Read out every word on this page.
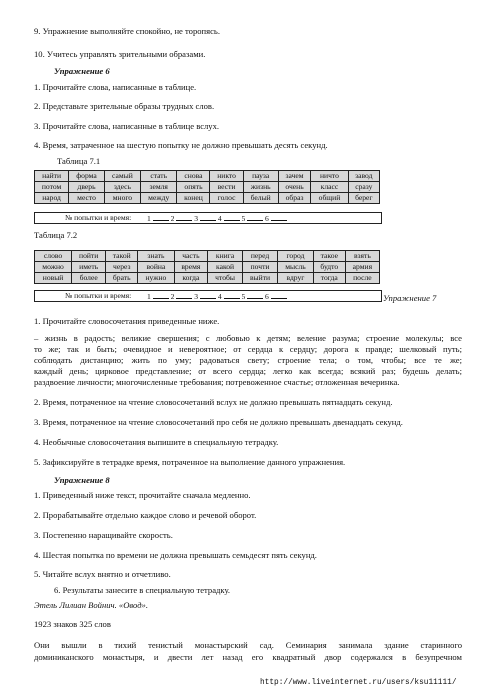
9. Упражнение выполняйте спокойно, не торопясь.
10. Учитесь управлять зрительными образами.
Упражнение 6
1. Прочитайте слова, написанные в таблице.
2. Представьте зрительные образы трудных слов.
3. Прочитайте слова, написанные в таблице вслух.
4. Время, затраченное на шестую попытку не должно превышать десять секунд.
Таблица 7.1
найти	форма	самый	стать	снова	никто	пауза	зачем	ничто	завод
потом	дверь	здесь	земля	опять	вести	жизнь	очень	класс	сразу
народ	место	много	между	конец	голос	белый	образ	общий	берег
№ попытки и время: 1	2	3	4	5	6
Таблица 7.2
слово	пойти	такой	знать	часть	книга	перед	город	такое	взять
можно	иметь	через	война	время	какой	почти	мысль	будто	армия
новый	более	брать	нужно	когда	чтобы	выйти	вдруг	тогда	после
№ попытки и время: 1	2	3	4	5	6	Упражнение 7
1. Прочитайте словосочетания приведенные ниже.
– жизнь в радость; великие свершения; с любовью к детям; веление разума; строение молекулы; все
то же; так и быть; очевидное и невероятное; от сердца к сердцу; дорога к правде; шелковый путь;
соблюдать дистанцию; жить по уму; радоваться свету; строение тела; о том, чтобы; все те же;
каждый день; цирковое представление; от всего сердца; легко как всегда; всякий раз; будешь делать;
раздвоение личности; многочисленные требования; потревоженное счастье; отложенная вечеринка.
2. Время, потраченное на чтение словосочетаний вслух не должно превышать пятнадцать секунд.
3. Время, потраченное на чтение словосочетаний про себя не должно превышать двенадцать секунд.
4. Необычные словосочетания выпишите в специальную тетрадку.
5. Зафиксируйте в тетрадке время, потраченное на выполнение данного упражнения.
Упражнение 8
1. Приведенный ниже текст, прочитайте сначала медленно.
2. Прорабатывайте отдельно каждое слово и речевой оборот.
3. Постепенно наращивайте скорость.
4. Шестая попытка по времени не должна превышать семьдесят пять секунд.
5. Читайте вслух внятно и отчетливо.
6. Результаты занесите в специальную тетрадку.
Этель Лилиан Войнич. «Овод».
1923 знаков 325 слов
Они вышли в тихий тенистый монастырский сад. Семинария занимала здание старинного
доминиканского монастыря, и двести лет назад его квадратный двор содержался в безупречном
http://www.liveinternet.ru/users/ksu11111/
